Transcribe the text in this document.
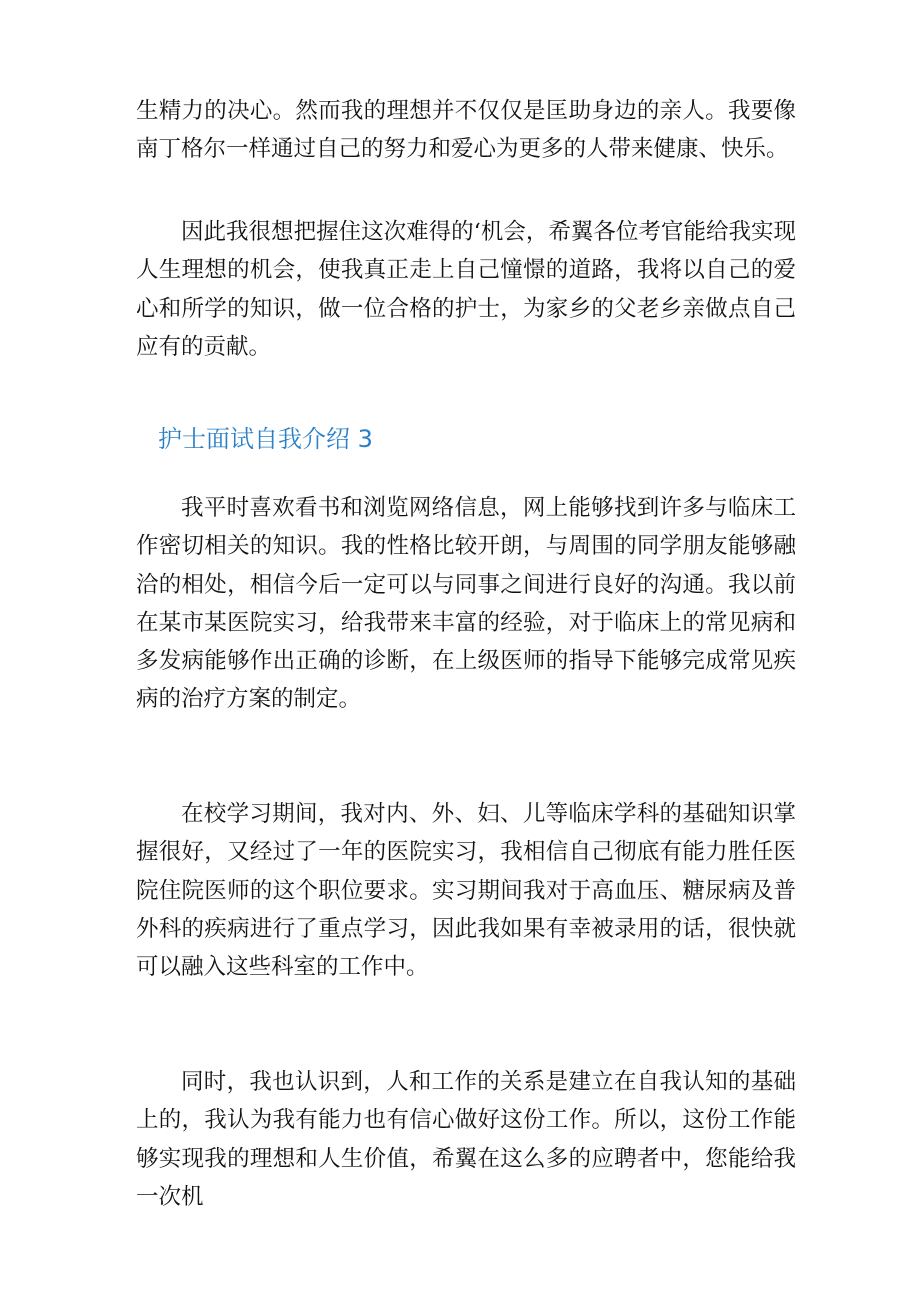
生精力的决心。然而我的理想并不仅仅是匡助身边的亲人。我要像南丁格尔一样通过自己的努力和爱心为更多的人带来健康、快乐。

因此我很想把握住这次难得的‘机会，希翼各位考官能给我实现人生理想的机会，使我真正走上自己憧憬的道路，我将以自己的爱心和所学的知识，做一位合格的护士，为家乡的父老乡亲做点自己应有的贡献。

护士面试自我介绍 3

我平时喜欢看书和浏览网络信息，网上能够找到许多与临床工作密切相关的知识。我的性格比较开朗，与周围的同学朋友能够融洽的相处，相信今后一定可以与同事之间进行良好的沟通。我以前在某市某医院实习，给我带来丰富的经验，对于临床上的常见病和多发病能够作出正确的诊断，在上级医师的指导下能够完成常见疾病的治疗方案的制定。

在校学习期间，我对内、外、妇、儿等临床学科的基础知识掌握很好，又经过了一年的医院实习，我相信自己彻底有能力胜任医院住院医师的这个职位要求。实习期间我对于高血压、糖尿病及普外科的疾病进行了重点学习，因此我如果有幸被录用的话，很快就可以融入这些科室的工作中。

同时，我也认识到，人和工作的关系是建立在自我认知的基础上的，我认为我有能力也有信心做好这份工作。所以，这份工作能够实现我的理想和人生价值，希翼在这么多的应聘者中，您能给我一次机
